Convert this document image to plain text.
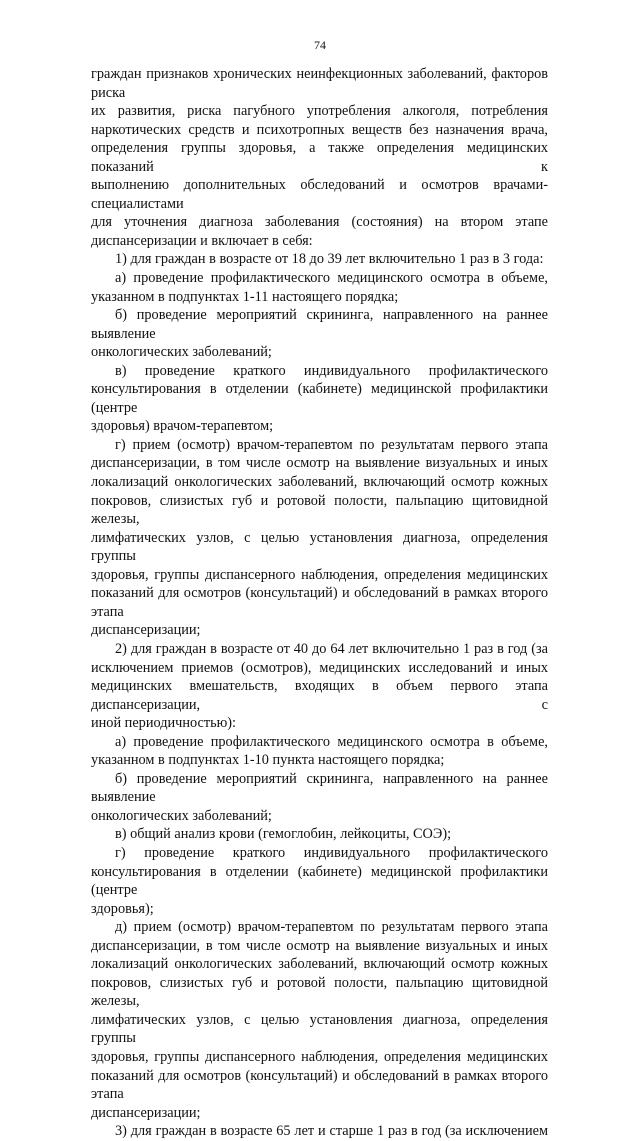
74

граждан признаков хронических неинфекционных заболеваний, факторов риска

их развития, риска пагубного употребления алкоголя, потребления

наркотических средств и психотропных веществ без назначения врача,

определения группы здоровья, а также определения медицинских показаний к

выполнению дополнительных обследований и осмотров врачами-специалистами

для уточнения диагноза заболевания (состояния) на втором этапе

диспансеризации и включает в себя:

1) для граждан в возрасте от 18 до 39 лет включительно 1 раз в 3 года:

а) проведение профилактического медицинского осмотра в объеме,

указанном в подпунктах 1-11 настоящего порядка;

б) проведение мероприятий скрининга, направленного на раннее выявление

онкологических заболеваний;

в) проведение краткого индивидуального профилактического

консультирования в отделении (кабинете) медицинской профилактики (центре

здоровья) врачом-терапевтом;

г) прием (осмотр) врачом-терапевтом по результатам первого этапа

диспансеризации, в том числе осмотр на выявление визуальных и иных

локализаций онкологических заболеваний, включающий осмотр кожных

покровов, слизистых губ и ротовой полости, пальпацию щитовидной железы,

лимфатических узлов, с целью установления диагноза, определения группы

здоровья, группы диспансерного наблюдения, определения медицинских

показаний для осмотров (консультаций) и обследований в рамках второго этапа

диспансеризации;

2) для граждан в возрасте от 40 до 64 лет включительно 1 раз в год (за

исключением приемов (осмотров), медицинских исследований и иных

медицинских вмешательств, входящих в объем первого этапа диспансеризации, с

иной периодичностью):

а) проведение профилактического медицинского осмотра в объеме,

указанном в подпунктах 1-10 пункта настоящего порядка;

б) проведение мероприятий скрининга, направленного на раннее выявление

онкологических заболеваний;

в) общий анализ крови (гемоглобин, лейкоциты, СОЭ);

г) проведение краткого индивидуального профилактического

консультирования в отделении (кабинете) медицинской профилактики (центре

здоровья);

д) прием (осмотр) врачом-терапевтом по результатам первого этапа

диспансеризации, в том числе осмотр на выявление визуальных и иных

локализаций онкологических заболеваний, включающий осмотр кожных

покровов, слизистых губ и ротовой полости, пальпацию щитовидной железы,

лимфатических узлов, с целью установления диагноза, определения группы

здоровья, группы диспансерного наблюдения, определения медицинских

показаний для осмотров (консультаций) и обследований в рамках второго этапа

диспансеризации;

3) для граждан в возрасте 65 лет и старше 1 раз в год (за исключением
